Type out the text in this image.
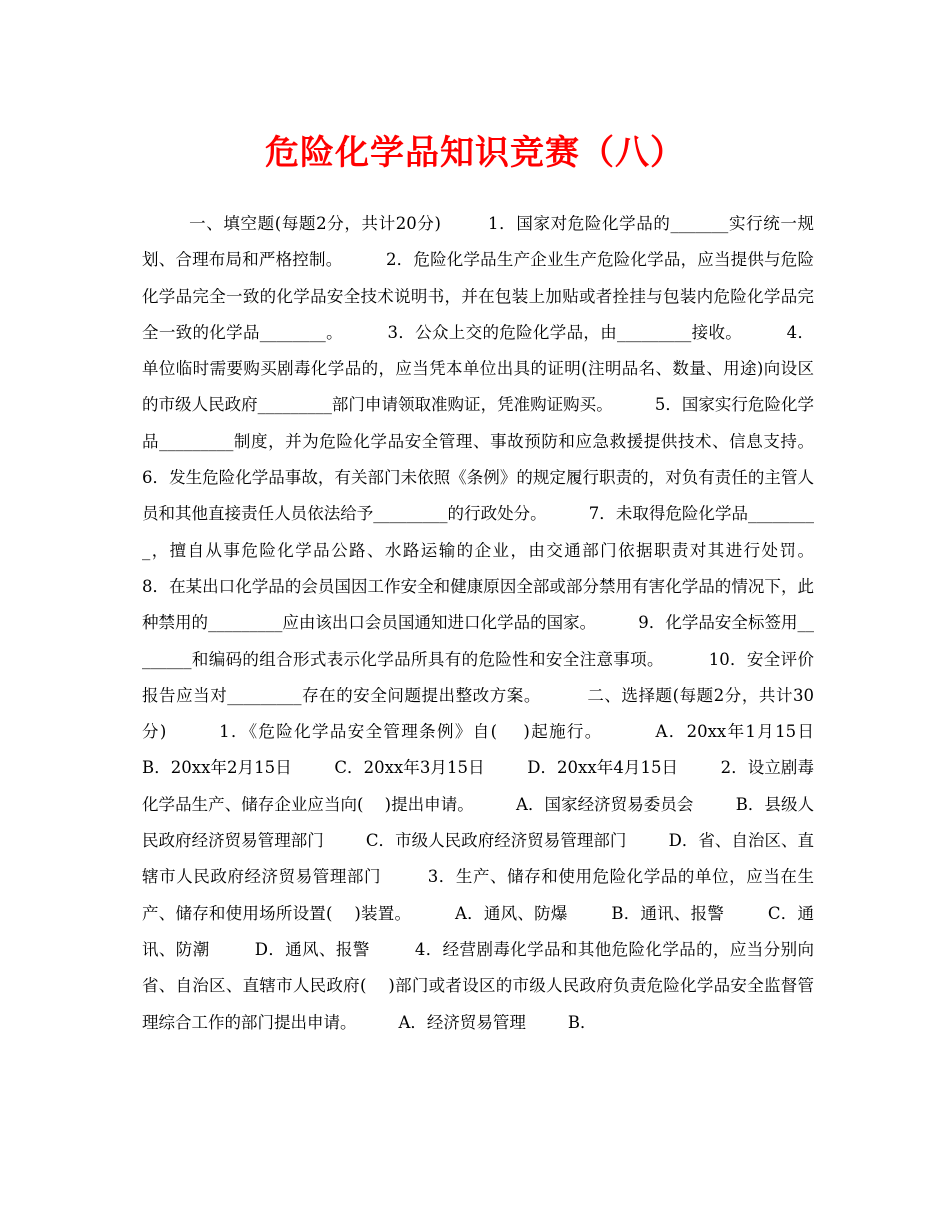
危险化学品知识竞赛（八）

一、填空题(每题2分，共计20分)        1．国家对危险化学品的_______实行统一规划、合理布局和严格控制。        2．危险化学品生产企业生产危险化学品，应当提供与危险化学品完全一致的化学品安全技术说明书，并在包装上加贴或者拴挂与包装内危险化学品完全一致的化学品________。        3．公众上交的危险化学品，由_________接收。        4．单位临时需要购买剧毒化学品的，应当凭本单位出具的证明(注明品名、数量、用途)向设区的市级人民政府_________部门申请领取准购证，凭准购证购买。        5．国家实行危险化学品_________制度，并为危险化学品安全管理、事故预防和应急救援提供技术、信息支持。        6．发生危险化学品事故，有关部门未依照《条例》的规定履行职责的，对负有责任的主管人员和其他直接责任人员依法给予_________的行政处分。        7．未取得危险化学品_________，擅自从事危险化学品公路、水路运输的企业，由交通部门依据职责对其进行处罚。        8．在某出口化学品的会员国因工作安全和健康原因全部或部分禁用有害化学品的情况下，此种禁用的_________应由该出口会员国通知进口化学品的国家。        9．化学品安全标签用________和编码的组合形式表示化学品所具有的危险性和安全注意事项。        10．安全评价报告应当对_________存在的安全问题提出整改方案。        二、选择题(每题2分，共计30分)        1．《危险化学品安全管理条例》自(    )起施行。        A．20xx年1月15日        B．20xx年2月15日        C．20xx年3月15日        D．20xx年4月15日        2．设立剧毒化学品生产、储存企业应当向(    )提出申请。        A．国家经济贸易委员会        B．县级人民政府经济贸易管理部门        C．市级人民政府经济贸易管理部门        D．省、自治区、直辖市人民政府经济贸易管理部门        3．生产、储存和使用危险化学品的单位，应当在生产、储存和使用场所设置(    )装置。        A．通风、防爆        B．通讯、报警        C．通讯、防潮        D．通风、报警        4．经营剧毒化学品和其他危险化学品的，应当分别向省、自治区、直辖市人民政府(    )部门或者设区的市级人民政府负责危险化学品安全监督管理综合工作的部门提出申请。        A．经济贸易管理        B．
